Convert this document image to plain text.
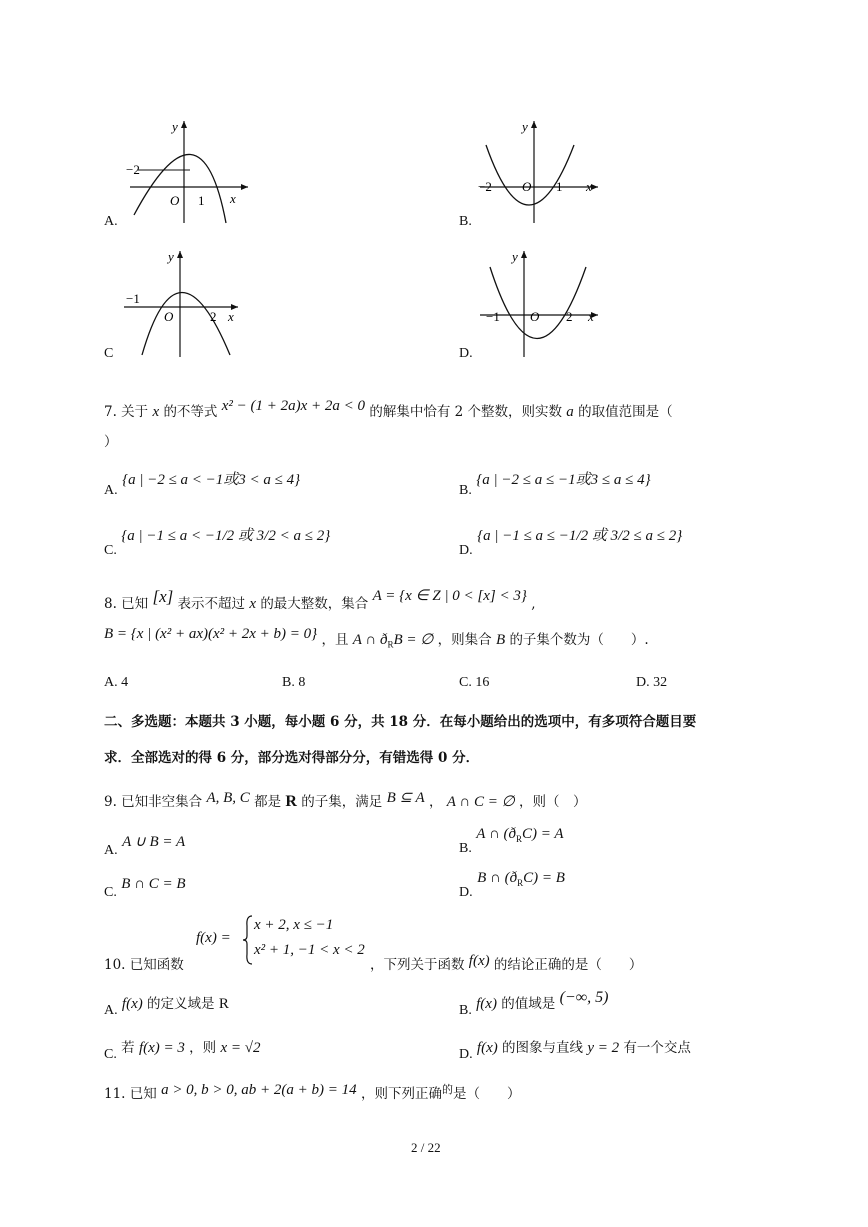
−2
O 1 x
y
A.
−2 O 1 x
y
B.
−1
O	2 x
y
C
−1 O 2 x
y
D.
7. 关于 x 的不等式 x² − (1 + 2a)x + 2a < 0 的解集中恰有 2 个整数，则实数 a 的取值范围是（
）
A. {a | −2 ≤ a < −1或3 < a ≤ 4}
B. {a | −2 ≤ a ≤ −1或3 ≤ a ≤ 4}
C. {a | −1 ≤ a < −1/2 或 3/2 < a ≤ 2}
D. {a | −1 ≤ a ≤ −1/2 或 3/2 ≤ a ≤ 2}
8. 已知 [x] 表示不超过 x 的最大整数，集合 A = {x ∈ Z | 0 < [x] < 3} ,
B = {x | (x² + ax)(x² + 2x + b) = 0} ，且 A ∩ $ð_RB$ = ∅ ，则集合 B 的子集个数为（　　）.
A. 4	B. 8	C. 16	D. 32
二、多选题：本题共 3 小题，每小题 6 分，共 18 分．在每小题给出的选项中，有多项符合题目要
求．全部选对的得 6 分，部分选对得部分分，有错选得 0 分．
9. 已知非空集合 A, B, C 都是 R 的子集，满足 B ⊆ A ， A ∩ C = ∅ ，则（　）
A. A ∪ B = A	B. A ∩ $(ð_RC) = A$
C. B ∩ C = B
D. B ∩ $(ð_RC) = B$
10. 已知函数
f(x) =
x + 2, x ≤ −1
x² + 1, −1 < x < 2
，下列关于函数 f(x) 的结论正确的是（　　）
A. f(x) 的定义域是 R	B. f(x) 的值域是 (−∞, 5)
C. 若 f(x) = 3 ，则 x = √2	D. f(x) 的图象与直线 y = 2 有一个交点
11. 已知 a > 0, b > 0, ab + 2(a + b) = 14 ，则下列正确$^的$是（　　）
2 / 22
